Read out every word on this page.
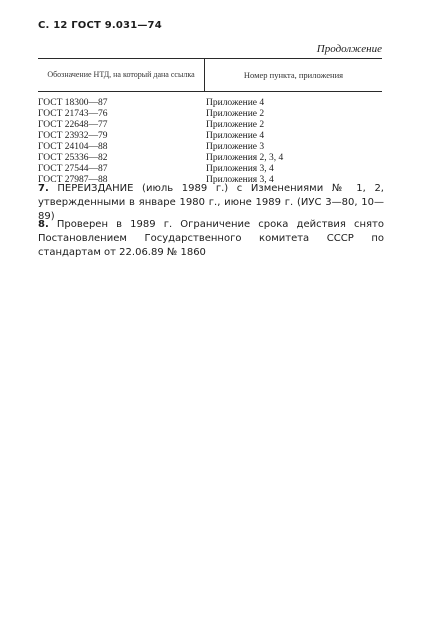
С. 12 ГОСТ 9.031—74
Продолжение
Обозначение НТД, на который дана ссылка	Номер пункта, приложения
ГОСТ 18300—87	Приложение 4
ГОСТ 21743—76	Приложение 2
ГОСТ 22648—77	Приложение 2
ГОСТ 23932—79	Приложение 4
ГОСТ 24104—88	Приложение 3
ГОСТ 25336—82	Приложения 2, 3, 4
ГОСТ 27544—87	Приложения 3, 4
ГОСТ 27987—88	Приложения 3, 4
7. ПЕРЕИЗДАНИЕ (июль 1989 г.) с Изменениями № 1, 2, утвержденными в январе 1980 г., июне 1989 г. (ИУС 3—80, 10—89)
8. Проверен в 1989 г. Ограничение срока действия снято Постановлением Государственного комитета СССР по стандартам от 22.06.89 № 1860
